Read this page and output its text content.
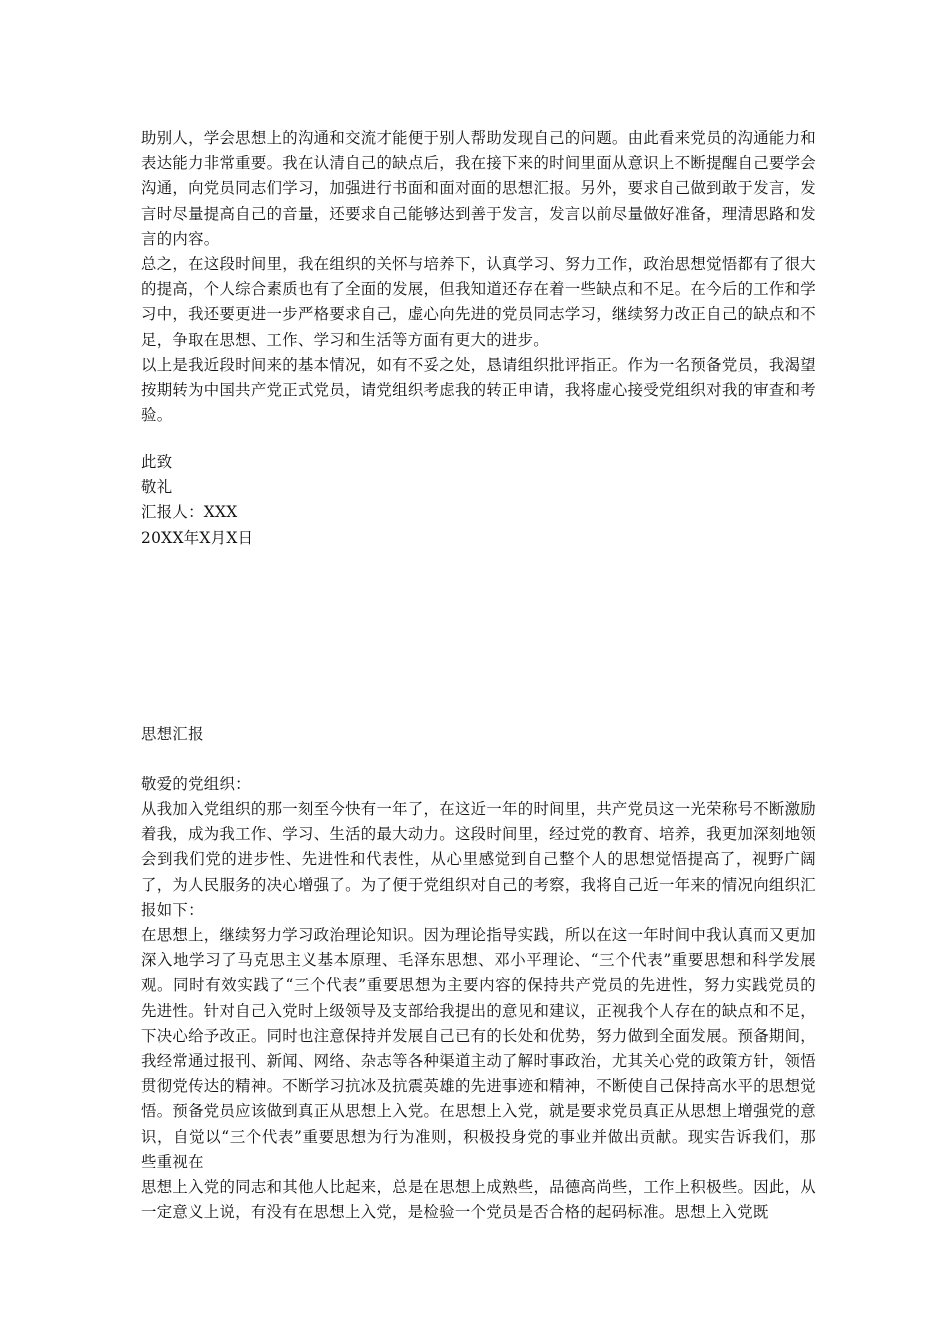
助别人，学会思想上的沟通和交流才能便于别人帮助发现自己的问题。由此看来党员的沟通能力和表达能力非常重要。我在认清自己的缺点后，我在接下来的时间里面从意识上不断提醒自己要学会沟通，向党员同志们学习，加强进行书面和面对面的思想汇报。另外，要求自己做到敢于发言，发言时尽量提高自己的音量，还要求自己能够达到善于发言，发言以前尽量做好准备，理清思路和发言的内容。

总之，在这段时间里，我在组织的关怀与培养下，认真学习、努力工作，政治思想觉悟都有了很大的提高，个人综合素质也有了全面的发展，但我知道还存在着一些缺点和不足。在今后的工作和学习中，我还要更进一步严格要求自己，虚心向先进的党员同志学习，继续努力改正自己的缺点和不足，争取在思想、工作、学习和生活等方面有更大的进步。

以上是我近段时间来的基本情况，如有不妥之处，恳请组织批评指正。作为一名预备党员，我渴望按期转为中国共产党正式党员，请党组织考虑我的转正申请，我将虚心接受党组织对我的审查和考验。

此致

敬礼

汇报人：XXX

20XX年X月X日

思想汇报
敬爱的党组织：

从我加入党组织的那一刻至今快有一年了，在这近一年的时间里，共产党员这一光荣称号不断激励着我，成为我工作、学习、生活的最大动力。这段时间里，经过党的教育、培养，我更加深刻地领会到我们党的进步性、先进性和代表性，从心里感觉到自己整个人的思想觉悟提高了，视野广阔了，为人民服务的决心增强了。为了便于党组织对自己的考察，我将自己近一年来的情况向组织汇报如下：

在思想上，继续努力学习政治理论知识。因为理论指导实践，所以在这一年时间中我认真而又更加深入地学习了马克思主义基本原理、毛泽东思想、邓小平理论、“三个代表”重要思想和科学发展观。同时有效实践了“三个代表”重要思想为主要内容的保持共产党员的先进性，努力实践党员的先进性。针对自己入党时上级领导及支部给我提出的意见和建议，正视我个人存在的缺点和不足，下决心给予改正。同时也注意保持并发展自己已有的长处和优势，努力做到全面发展。预备期间，我经常通过报刊、新闻、网络、杂志等各种渠道主动了解时事政治，尤其关心党的政策方针，领悟贯彻党传达的精神。不断学习抗冰及抗震英雄的先进事迹和精神，不断使自己保持高水平的思想觉悟。预备党员应该做到真正从思想上入党。在思想上入党，就是要求党员真正从思想上增强党的意识，自觉以“三个代表”重要思想为行为准则，积极投身党的事业并做出贡献。现实告诉我们，那些重视在

思想上入党的同志和其他人比起来，总是在思想上成熟些，品德高尚些，工作上积极些。因此，从一定意义上说，有没有在思想上入党，是检验一个党员是否合格的起码标准。思想上入党既
